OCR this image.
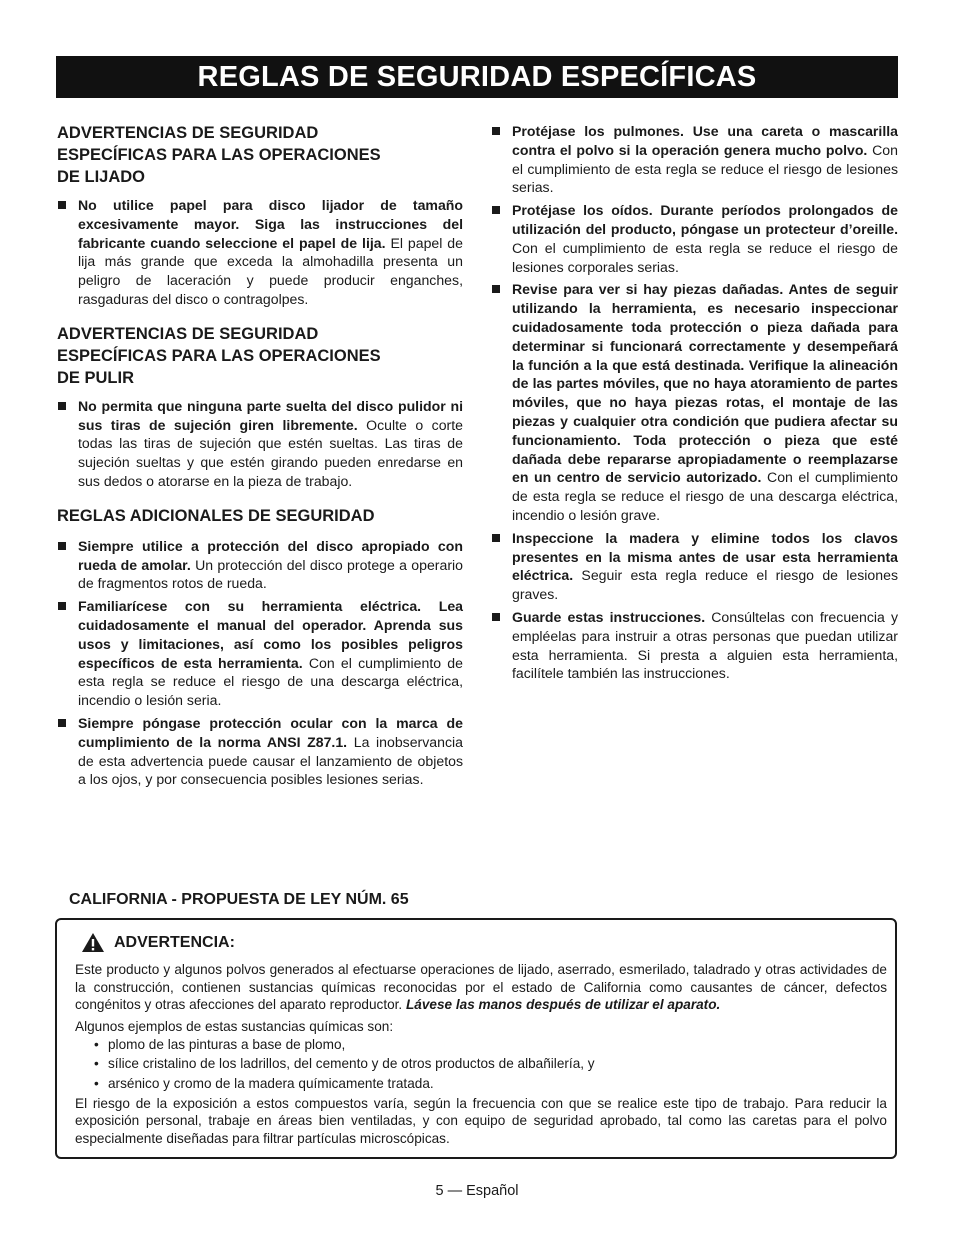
REGLAS DE SEGURIDAD ESPECÍFICAS
ADVERTENCIAS DE SEGURIDAD
ESPECÍFICAS PARA LAS OPERACIONES
DE LIJADO
No utilice papel para disco lijador de tamaño excesivamente mayor. Siga las instrucciones del fabricante cuando seleccione el papel de lija. El papel de lija más grande que exceda la almohadilla presenta un peligro de laceración y puede producir enganches, rasgaduras del disco o contragolpes.
ADVERTENCIAS DE SEGURIDAD
ESPECÍFICAS PARA LAS OPERACIONES
DE PULIR
No permita que ninguna parte suelta del disco pulidor ni sus tiras de sujeción giren libremente. Oculte o corte todas las tiras de sujeción que estén sueltas. Las tiras de sujeción sueltas y que estén girando pueden enredarse en sus dedos o atorarse en la pieza de trabajo.
REGLAS ADICIONALES DE SEGURIDAD
Siempre utilice a protección del disco apropiado con rueda de amolar. Un protección del disco protege a operario de fragmentos rotos de rueda.
Familiarícese con su herramienta eléctrica. Lea cuidadosamente el manual del operador. Aprenda sus usos y limitaciones, así como los posibles peligros específicos de esta herramienta. Con el cumplimiento de esta regla se reduce el riesgo de una descarga eléctrica, incendio o lesión seria.
Siempre póngase protección ocular con la marca de cumplimiento de la norma ANSI Z87.1. La inobservancia de esta advertencia puede causar el lanzamiento de objetos a los ojos, y por consecuencia posibles lesiones serias.
Protéjase los pulmones. Use una careta o mascarilla contra el polvo si la operación genera mucho polvo. Con el cumplimiento de esta regla se reduce el riesgo de lesiones serias.
Protéjase los oídos. Durante períodos prolongados de utilización del producto, póngase un protecteur d’oreille. Con el cumplimiento de esta regla se reduce el riesgo de lesiones corporales serias.
Revise para ver si hay piezas dañadas. Antes de seguir utilizando la herramienta, es necesario inspeccionar cuidadosamente toda protección o pieza dañada para determinar si funcionará correctamente y desempeñará la función a la que está destinada. Verifique la alineación de las partes móviles, que no haya atoramiento de partes móviles, que no haya piezas rotas, el montaje de las piezas y cualquier otra condición que pudiera afectar su funcionamiento. Toda protección o pieza que esté dañada debe repararse apropiadamente o reemplazarse en un centro de servicio autorizado. Con el cumplimiento de esta regla se reduce el riesgo de una descarga eléctrica, incendio o lesión grave.
Inspeccione la madera y elimine todos los clavos presentes en la misma antes de usar esta herramienta eléctrica. Seguir esta regla reduce el riesgo de lesiones graves.
Guarde estas instrucciones. Consúltelas con frecuencia y empléelas para instruir a otras personas que puedan utilizar esta herramienta. Si presta a alguien esta herramienta, facilítele también las instrucciones.
CALIFORNIA - PROPUESTA DE LEY NÚM. 65
ADVERTENCIA:

Este producto y algunos polvos generados al efectuarse operaciones de lijado, aserrado, esmerilado, taladrado y otras actividades de la construcción, contienen sustancias químicas reconocidas por el estado de California como causantes de cáncer, defectos congénitos y otras afecciones del aparato reproductor. Lávese las manos después de utilizar el aparato.

Algunos ejemplos de estas sustancias químicas son:

• plomo de las pinturas a base de plomo,
• sílice cristalino de los ladrillos, del cemento y de otros productos de albañilería, y
• arsénico y cromo de la madera químicamente tratada.

El riesgo de la exposición a estos compuestos varía, según la frecuencia con que se realice este tipo de trabajo. Para reducir la exposición personal, trabaje en áreas bien ventiladas, y con equipo de seguridad aprobado, tal como las caretas para el polvo especialmente diseñadas para filtrar partículas microscópicas.

5 — Español
